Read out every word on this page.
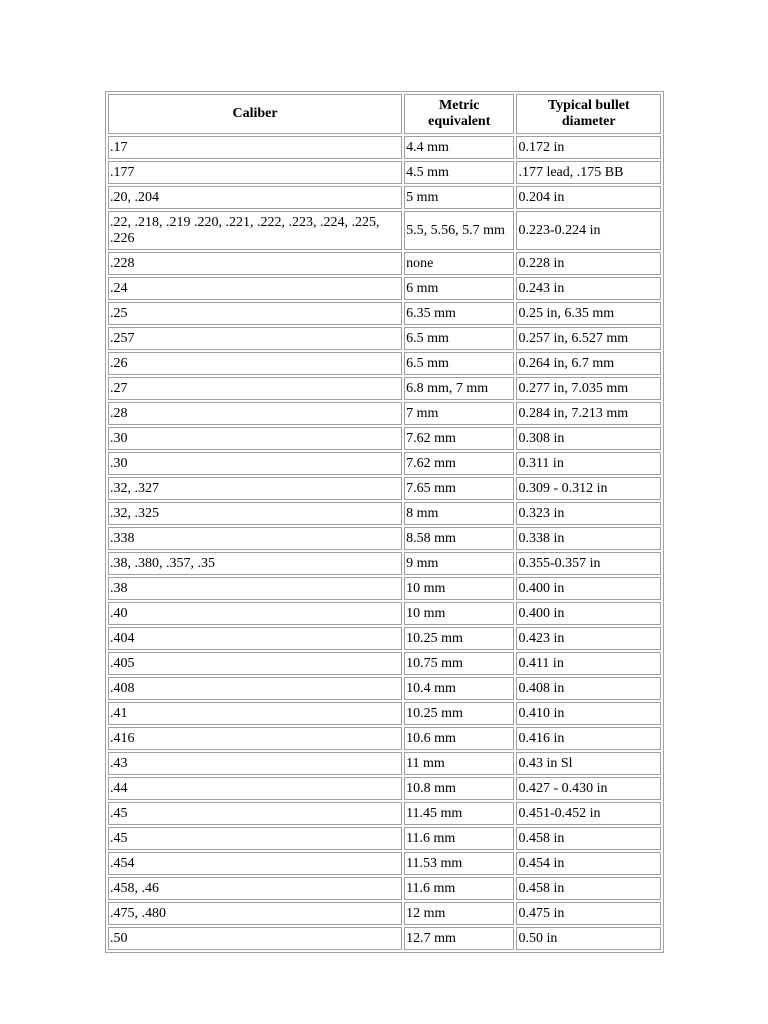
Caliber	Metric equivalent	Typical bullet diameter
.17	4.4 mm	0.172 in
.177	4.5 mm	.177 lead, .175 BB
.20, .204	5 mm	0.204 in
.22, .218, .219 .220, .221, .222, .223, .224, .225, .226	5.5, 5.56, 5.7 mm	0.223-0.224 in
.228	none	0.228 in
.24	6 mm	0.243 in
.25	6.35 mm	0.25 in, 6.35 mm
.257	6.5 mm	0.257 in, 6.527 mm
.26	6.5 mm	0.264 in, 6.7 mm
.27	6.8 mm, 7 mm	0.277 in, 7.035 mm
.28	7 mm	0.284 in, 7.213 mm
.30	7.62 mm	0.308 in
.30	7.62 mm	0.311 in
.32, .327	7.65 mm	0.309 - 0.312 in
.32, .325	8 mm	0.323 in
.338	8.58 mm	0.338 in
.38, .380, .357, .35	9 mm	0.355-0.357 in
.38	10 mm	0.400 in
.40	10 mm	0.400 in
.404	10.25 mm	0.423 in
.405	10.75 mm	0.411 in
.408	10.4 mm	0.408 in
.41	10.25 mm	0.410 in
.416	10.6 mm	0.416 in
.43	11 mm	0.43 in Sl
.44	10.8 mm	0.427 - 0.430 in
.45	11.45 mm	0.451-0.452 in
.45	11.6 mm	0.458 in
.454	11.53 mm	0.454 in
.458, .46	11.6 mm	0.458 in
.475, .480	12 mm	0.475 in
.50	12.7 mm	0.50 in
